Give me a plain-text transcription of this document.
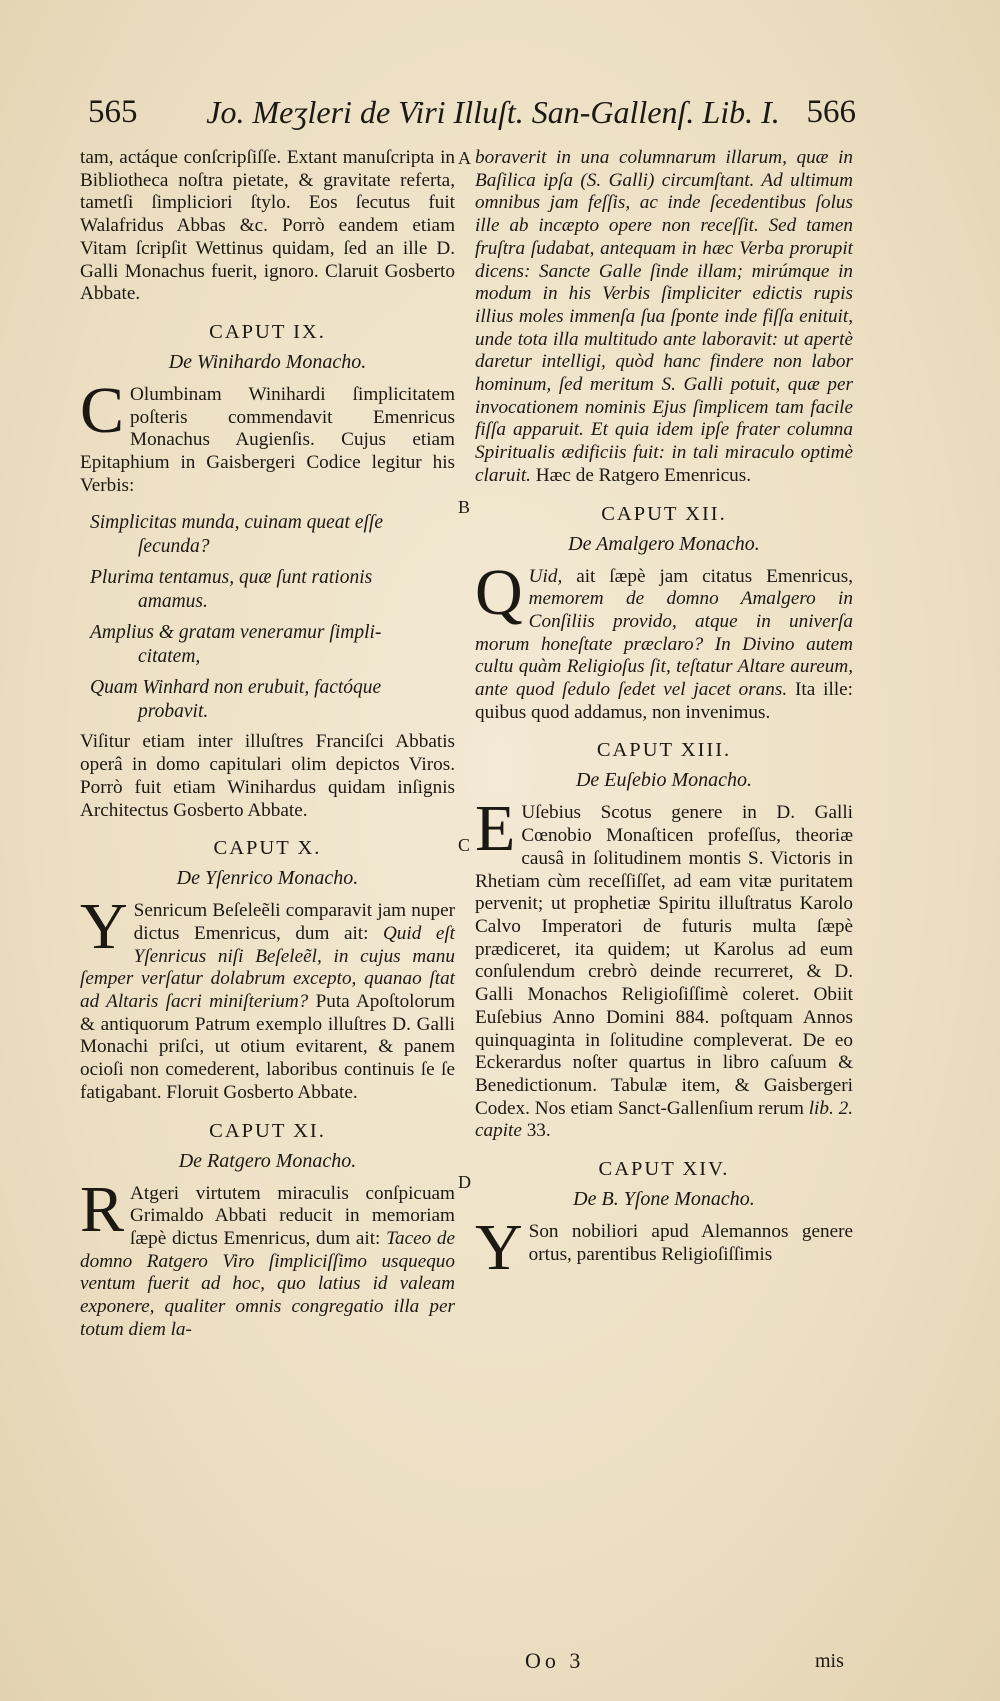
565	Jo. Meʒleri de Viri Illuſt. San-Gallenſ. Lib. I. 566

tam, actáque conſcripſiſſe. Extant manuſcripta in Bibliotheca noſtra pietate, & gravitate referta, tametſi ſimpliciori ſtylo. Eos ſecutus fuit Walafridus Abbas &c. Porrò eandem etiam Vitam ſcripſit Wettinus quidam, ſed an ille D. Galli Monachus fuerit, ignoro. Claruit Gosberto Abbate.

CAPUT IX.
De Winihardo Monacho.

C Olumbinam Winihardi ſimplicitatem poſteris commendavit Emenricus Monachus Augienſis. Cujus etiam Epitaphium in Gaisbergeri Codice legitur his Verbis:

Simplicitas munda, cuinam queat eſſe
ſecunda?
Plurima tentamus, quæ ſunt rationis
amamus.
Amplius & gratam veneramur ſimpli-
citatem,
Quam Winhard non erubuit, factóque
probavit.

Viſitur etiam inter illuſtres Franciſci Abbatis operâ in domo capitulari olim depictos Viros. Porrò fuit etiam Winihardus quidam inſignis Architectus Gosberto Abbate.

CAPUT X.
De Yſenrico Monacho.

Y Senricum Beſeleẽli comparavit jam nuper dictus Emenricus, dum ait: Quid eſt Yſenricus niſi Beſeleẽl, in cujus manu ſemper verſatur dolabrum excepto, quanao ſtat ad Altaris ſacri miniſterium? Puta Apoſtolorum & antiquorum Patrum exemplo illuſtres D. Galli Monachi priſci, ut otium evitarent, & panem ocioſi non comederent, laboribus continuis ſe ſe fatigabant. Floruit Gosberto Abbate.

CAPUT XI.
De Ratgero Monacho.

R Atgeri virtutem miraculis conſpicuam Grimaldo Abbati reducit in memoriam ſæpè dictus Emenricus, dum ait: Taceo de domno Ratgero Viro ſimpliciſſimo usquequo ventum fuerit ad hoc, quo latius id valeam exponere, qualiter omnis congregatio illa per totum diem la-

boraverit in una columnarum illarum, quæ in Baſilica ipſa (S. Galli) circumſtant. Ad ultimum omnibus jam feſſis, ac inde ſecedentibus ſolus ille ab incæpto opere non receſſit. Sed tamen fruſtra ſudabat, antequam in hæc Verba prorupit dicens: Sancte Galle ſinde illam; mirúmque in modum in his Verbis ſimpliciter edictis rupis illius moles immenſa ſua ſponte inde fiſſa enituit, unde tota illa multitudo ante laboravit: ut apertè daretur intelligi, quòd hanc findere non labor hominum, ſed meritum S. Galli potuit, quæ per invocationem nominis Ejus ſimplicem tam facile fiſſa apparuit. Et quia idem ipſe frater columna Spiritualis ædificiis fuit: in tali miraculo optimè claruit. Hæc de Ratgero Emenricus.

CAPUT XII.
De Amalgero Monacho.

Q Uid, ait ſæpè jam citatus Emenricus, memorem de domno Amalgero in Conſiliis provido, atque in univerſa morum honeſtate præclaro? In Divino autem cultu quàm Religioſus ſit, teſtatur Altare aureum, ante quod ſedulo ſedet vel jacet orans. Ita ille: quibus quod addamus, non invenimus.

CAPUT XIII.
De Euſebio Monacho.

E Uſebius Scotus genere in D. Galli Cœnobio Monaſticen profeſſus, theoriæ causâ in ſolitudinem montis S. Victoris in Rhetiam cùm receſſiſſet, ad eam vitæ puritatem pervenit; ut prophetiæ Spiritu illuſtratus Karolo Calvo Imperatori de futuris multa ſæpè prædiceret, ita quidem; ut Karolus ad eum conſulendum crebrò deinde recurreret, & D. Galli Monachos Religioſiſſimè coleret. Obiit Euſebius Anno Domini 884. poſtquam Annos quinquaginta in ſolitudine compleverat. De eo Eckerardus noſter quartus in libro caſuum & Benedictionum. Tabulæ item, & Gaisbergeri Codex. Nos etiam Sanct-Gallenſium rerum lib. 2. capite 33.

CAPUT XIV.
De B. Yſone Monacho.

Y Son nobiliori apud Alemannos genere ortus, parentibus Religioſiſſimis

A
B
C
D
Oo 3	mis
